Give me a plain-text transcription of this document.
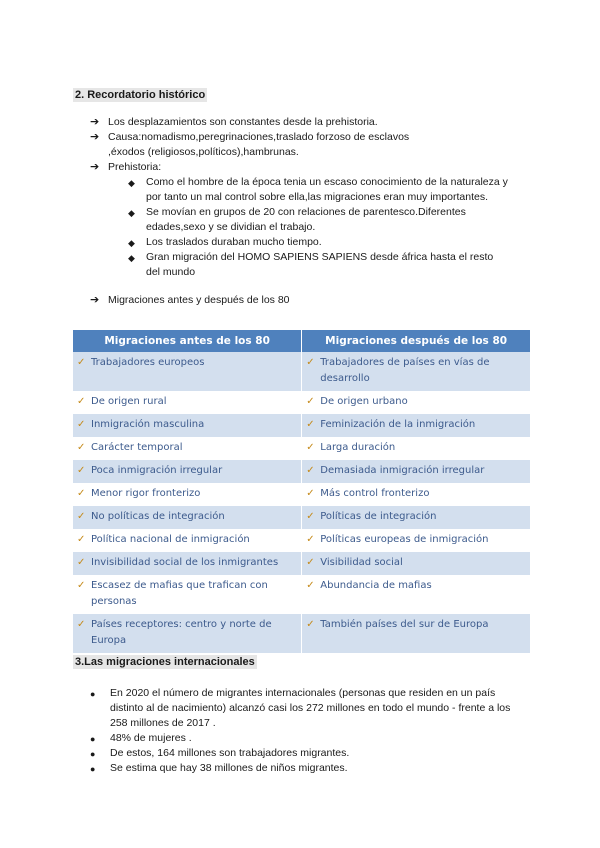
2. Recordatorio histórico
➔ Los desplazamientos son constantes desde la prehistoria.
➔ Causa:nomadismo,peregrinaciones,traslado forzoso de esclavos ,éxodos (religiosos,políticos),hambrunas.
➔ Prehistoria:
◆	Como el hombre de la época tenia un escaso conocimiento de la naturaleza y por tanto un mal control sobre ella,las migraciones eran muy importantes.
◆	Se movían en grupos de 20 con relaciones de parentesco.Diferentes edades,sexo y se dividian el trabajo.
◆	Los traslados duraban mucho tiempo.
◆	Gran migración del HOMO SAPIENS SAPIENS desde áfrica hasta el resto del mundo
➔ Migraciones antes y después de los 80
Migraciones antes de los 80	Migraciones después de los 80

✓ Trabajadores europeos	✓ Trabajadores de países en vías de desarrollo

✓ De origen rural	✓ De origen urbano

✓ Inmigración masculina	✓ Feminización de la inmigración

✓ Carácter temporal	✓ Larga duración

✓ Poca inmigración irregular	✓ Demasiada inmigración irregular

✓ Menor rigor fronterizo	✓ Más control fronterizo

✓ No políticas de integración	✓ Políticas de integración

✓ Política nacional de inmigración	✓ Políticas europeas de inmigración

✓ Invisibilidad social de los inmigrantes	✓ Visibilidad social

✓ Escasez de mafias que trafican con personas	✓ Abundancia de mafias

✓ Países receptores: centro y norte de Europa	✓ También países del sur de Europa
3.Las migraciones internacionales
●	En 2020 el número de migrantes internacionales (personas que residen en un país distinto al de nacimiento) alcanzó casi los 272 millones en todo el mundo - frente a los 258 millones de 2017 .
●	48% de mujeres .
●	De estos, 164 millones son trabajadores migrantes.
●	Se estima que hay 38 millones de niños migrantes.
